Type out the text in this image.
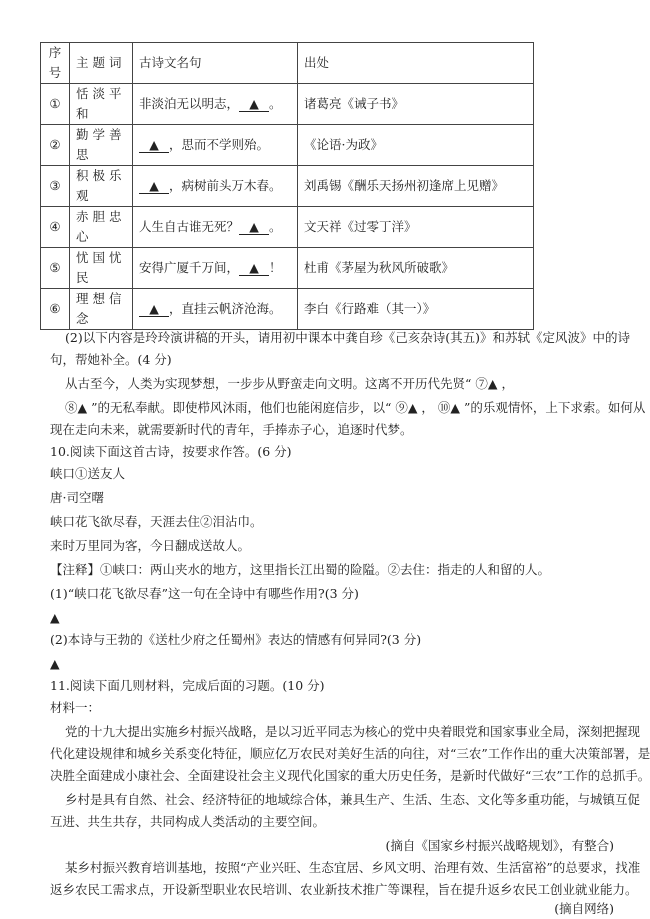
序号	主题词	古诗文名句	出处
①	恬淡平和	非淡泊无以明志， ▲ 。	诸葛亮《诫子书》
②	勤学善思	▲ ，思而不学则殆。	《论语·为政》
③	积极乐观	▲ ，病树前头万木春。	刘禹锡《酬乐天扬州初逢席上见赠》
④	赤胆忠心	人生自古谁无死？ ▲ 。	文天祥《过零丁洋》
⑤	忧国忧民	安得广厦千万间， ▲ ！	杜甫《茅屋为秋风所破歌》
⑥	理想信念	▲ ，直挂云帆济沧海。	李白《行路难（其一）》
(2)以下内容是玲玲演讲稿的开头，请用初中课本中龚自珍《己亥杂诗(其五)》和苏轼《定风波》中的诗
句，帮她补全。(4 分)
从古至今，人类为实现梦想，一步步从野蛮走向文明。这离不开历代先贤“ ⑦▲ ，
⑧▲ ”的无私奉献。即使栉风沐雨，他们也能闲庭信步，以“ ⑨▲ ， ⑩▲ ”的乐观情怀，上下求索。如何从
现在走向未来，就需要新时代的青年，手捧赤子心，追逐时代梦。
10.阅读下面这首古诗，按要求作答。(6 分)
峡口①送友人
唐·司空曙
峡口花飞欲尽春，天涯去住②泪沾巾。
来时万里同为客，今日翻成送故人。
【注释】①峡口：两山夹水的地方，这里指长江出蜀的险隘。②去住：指走的人和留的人。
(1)“峡口花飞欲尽春”这一句在全诗中有哪些作用?(3 分)
▲
(2)本诗与王勃的《送杜少府之任蜀州》表达的情感有何异同?(3 分)
▲
11.阅读下面几则材料，完成后面的习题。(10 分)
材料一：
党的十九大提出实施乡村振兴战略，是以习近平同志为核心的党中央着眼党和国家事业全局，深刻把握现
代化建设规律和城乡关系变化特征，顺应亿万农民对美好生活的向往，对“三农”工作作出的重大决策部署，是
决胜全面建成小康社会、全面建设社会主义现代化国家的重大历史任务，是新时代做好“三农”工作的总抓手。
乡村是具有自然、社会、经济特征的地域综合体，兼具生产、生活、生态、文化等多重功能，与城镇互促
互进、共生共存，共同构成人类活动的主要空间。
(摘自《国家乡村振兴战略规划》，有整合)
某乡村振兴教育培训基地，按照“产业兴旺、生态宜居、乡风文明、治理有效、生活富裕”的总要求，找准
返乡农民工需求点，开设新型职业农民培训、农业新技术推广等课程，旨在提升返乡农民工创业就业能力。
(摘自网络)
